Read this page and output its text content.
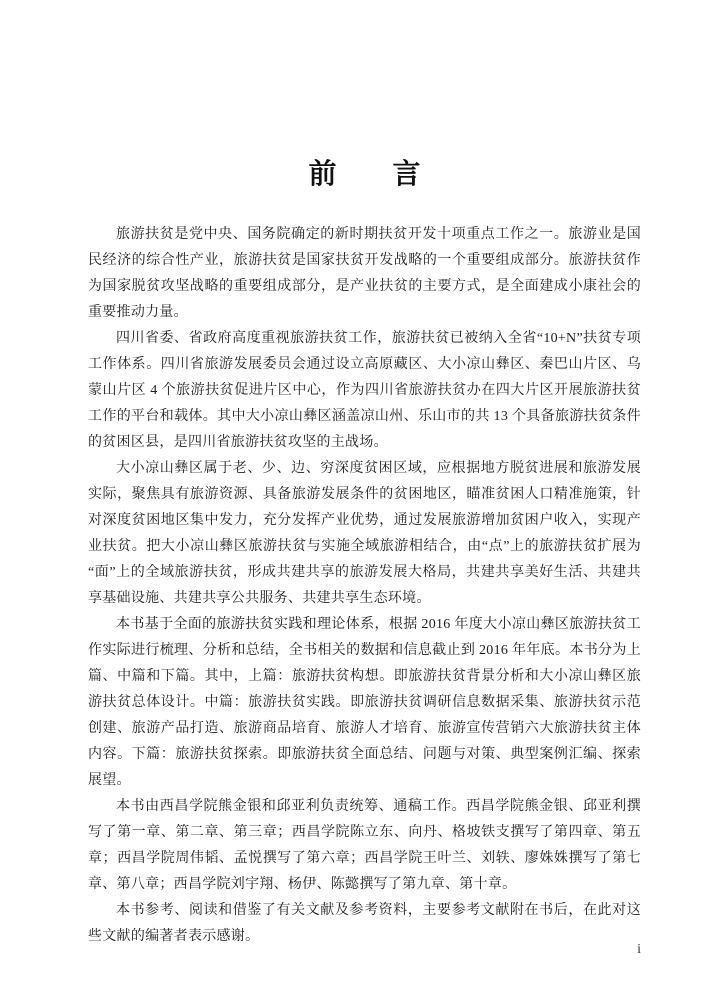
前　　言

旅游扶贫是党中央、国务院确定的新时期扶贫开发十项重点工作之一。旅游业是国民经济的综合性产业，旅游扶贫是国家扶贫开发战略的一个重要组成部分。旅游扶贫作为国家脱贫攻坚战略的重要组成部分，是产业扶贫的主要方式，是全面建成小康社会的重要推动力量。

四川省委、省政府高度重视旅游扶贫工作，旅游扶贫已被纳入全省“10+N”扶贫专项工作体系。四川省旅游发展委员会通过设立高原藏区、大小凉山彝区、秦巴山片区、乌蒙山片区 4 个旅游扶贫促进片区中心，作为四川省旅游扶贫办在四大片区开展旅游扶贫工作的平台和载体。其中大小凉山彝区涵盖凉山州、乐山市的共 13 个具备旅游扶贫条件的贫困区县，是四川省旅游扶贫攻坚的主战场。

大小凉山彝区属于老、少、边、穷深度贫困区域，应根据地方脱贫进展和旅游发展实际，聚焦具有旅游资源、具备旅游发展条件的贫困地区，瞄准贫困人口精准施策，针对深度贫困地区集中发力，充分发挥产业优势，通过发展旅游增加贫困户收入，实现产业扶贫。把大小凉山彝区旅游扶贫与实施全域旅游相结合，由“点”上的旅游扶贫扩展为“面”上的全域旅游扶贫，形成共建共享的旅游发展大格局，共建共享美好生活、共建共享基础设施、共建共享公共服务、共建共享生态环境。

本书基于全面的旅游扶贫实践和理论体系，根据 2016 年度大小凉山彝区旅游扶贫工作实际进行梳理、分析和总结，全书相关的数据和信息截止到 2016 年年底。本书分为上篇、中篇和下篇。其中，上篇：旅游扶贫构想。即旅游扶贫背景分析和大小凉山彝区旅游扶贫总体设计。中篇：旅游扶贫实践。即旅游扶贫调研信息数据采集、旅游扶贫示范创建、旅游产品打造、旅游商品培育、旅游人才培育、旅游宣传营销六大旅游扶贫主体内容。下篇：旅游扶贫探索。即旅游扶贫全面总结、问题与对策、典型案例汇编、探索展望。

本书由西昌学院熊金银和邱亚利负责统筹、通稿工作。西昌学院熊金银、邱亚利撰写了第一章、第二章、第三章；西昌学院陈立东、向丹、格坡铁支撰写了第四章、第五章；西昌学院周伟韬、孟悦撰写了第六章；西昌学院王叶兰、刘轶、廖姝姝撰写了第七章、第八章；西昌学院刘宇翔、杨伊、陈懿撰写了第九章、第十章。

本书参考、阅读和借鉴了有关文献及参考资料，主要参考文献附在书后，在此对这些文献的编著者表示感谢。

i
